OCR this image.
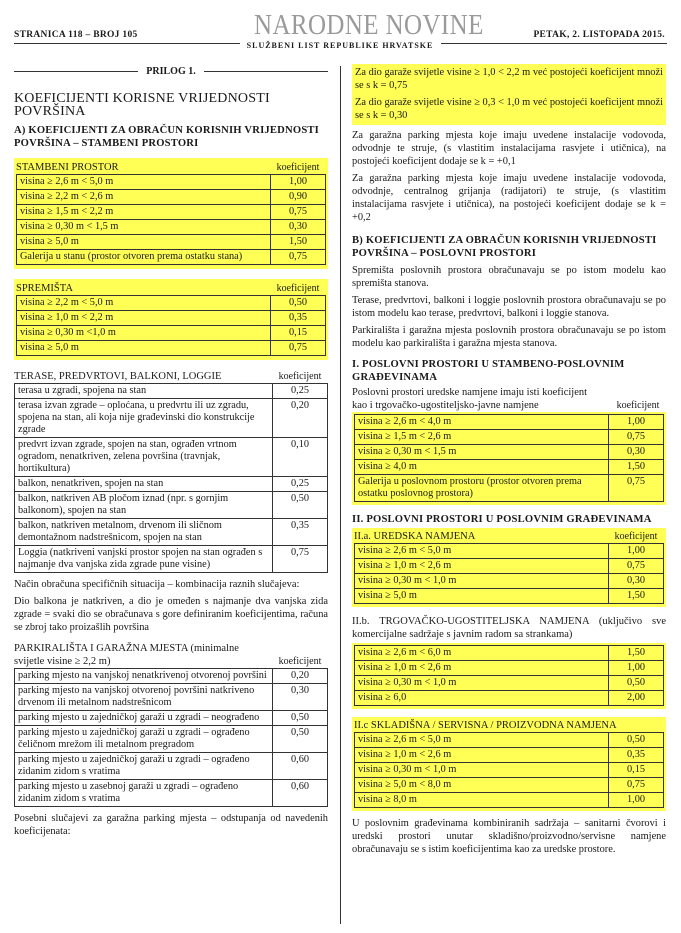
STRANICA 118 – BROJ 105	NARODNE NOVINE
SLUŽBENI LIST REPUBLIKE HRVATSKE
PETAK, 2. LISTOPADA 2015.
PRILOG 1.
KOEFICIJENTI KORISNE VRIJEDNOSTI POVRŠINA
A) KOEFICIJENTI ZA OBRAČUN KORISNIH VRIJEDNOSTI POVRŠINA – STAMBENI PROSTORI
STAMBENI PROSTOR	koeficijent
visina ≥ 2,6 m < 5,0 m	1,00
visina ≥ 2,2 m < 2,6 m	0,90
visina ≥ 1,5 m < 2,2 m	0,75
visina ≥ 0,30 m < 1,5 m	0,30
visina ≥ 5,0 m	1,50
Galerija u stanu (prostor otvoren prema ostatku stana)	0,75
SPREMIŠTA	koeficijent
visina ≥ 2,2 m < 5,0 m	0,50
visina ≥ 1,0 m < 2,2 m	0,35
visina ≥ 0,30 m <1,0 m	0,15
visina ≥ 5,0 m	0,75
TERASE, PREDVRTOVI, BALKONI, LOGGIE	koeficijent
terasa u zgradi, spojena na stan	0,25
terasa izvan zgrade – oploćana, u predvrtu ili uz zgradu, spojena na stan, ali koja nije građevinski dio konstrukcije zgrade	0,20
predvrt izvan zgrade, spojen na stan, ograđen vrtnom ogradom, nenatkriven, zelena površina (travnjak, hortikultura)	0,10
balkon, nenatkriven, spojen na stan	0,25
balkon, natkriven AB pločom iznad (npr. s gornjim balkonom), spojen na stan	0,50
balkon, natkriven metalnom, drvenom ili sličnom demontažnom nadstrešnicom, spojen na stan	0,35
Loggia (natkriveni vanjski prostor spojen na stan ograđen s najmanje dva vanjska zida zgrade pune visine)	0,75

Način obračuna specifičnih situacija – kombinacija raznih slučajeva:

Dio balkona je natkriven, a dio je omeđen s najmanje dva vanjska zida zgrade = svaki dio se obračunava s gore definiranim koeficijentima, računa se zbroj tako proizašlih površina

PARKIRALIŠTA I GARAŽNA MJESTA (minimalne svijetle visine ≥ 2,2 m)	koeficijent
parking mjesto na vanjskoj nenatkrivenoj otvorenoj površini	0,20
parking mjesto na vanjskoj otvorenoj površini natkriveno drvenom ili metalnom nadstrešnicom	0,30
parking mjesto u zajedničkoj garaži u zgradi – neograđeno	0,50
parking mjesto u zajedničkoj garaži u zgradi – ograđeno čeličnom mrežom ili metalnom pregradom	0,50
parking mjesto u zajedničkoj garaži u zgradi – ograđeno zidanim zidom s vratima	0,60
parking mjesto u zasebnoj garaži u zgradi – ograđeno zidanim zidom s vratima	0,60

Posebni slučajevi za garažna parking mjesta – odstupanja od navedenih koeficijenata:

Za dio garaže svijetle visine ≥ 1,0 < 2,2 m već postojeći koeficijent množi se s k = 0,75

Za dio garaže svijetle visine ≥ 0,3 < 1,0 m već postojeći koeficijent množi se s k = 0,30

Za garažna parking mjesta koje imaju uvedene instalacije vodovoda, odvodnje te struje, (s vlastitim instalacijama rasvjete i utičnica), na postojeći koeficijent dodaje se k = +0,1

Za garažna parking mjesta koje imaju uvedene instalacije vodovoda, odvodnje, centralnog grijanja (radijatori) te struje, (s vlastitim instalacijama rasvjete i utičnica), na postojeći koeficijent dodaje se k = +0,2

B) KOEFICIJENTI ZA OBRAČUN KORISNIH VRIJEDNOSTI POVRŠINA – POSLOVNI PROSTORI

Spremišta poslovnih prostora obračunavaju se po istom modelu kao spremišta stanova.

Terase, predvrtovi, balkoni i loggie poslovnih prostora obračunavaju se po istom modelu kao terase, predvrtovi, balkoni i loggie stanova.

Parkirališta i garažna mjesta poslovnih prostora obračunavaju se po istom modelu kao parkirališta i garažna mjesta stanova.

I. POSLOVNI PROSTORI U STAMBENO-POSLOVNIM GRAĐEVINAMA
Poslovni prostori uredske namjene imaju isti koeficijent kao i trgovačko-ugostiteljsko-javne namjene	koeficijent
visina ≥ 2,6 m < 4,0 m	1,00
visina ≥ 1,5 m < 2,6 m	0,75
visina ≥ 0,30 m < 1,5 m	0,30
visina ≥ 4,0 m	1,50
Galerija u poslovnom prostoru (prostor otvoren prema ostatku poslovnog prostora)	0,75
II. POSLOVNI PROSTORI U POSLOVNIM GRAĐEVINAMA
II.a. UREDSKA NAMJENA	koeficijent
visina ≥ 2,6 m < 5,0 m	1,00
visina ≥ 1,0 m < 2,6 m	0,75
visina ≥ 0,30 m < 1,0 m	0,30
visina ≥ 5,0 m	1,50
II.b. TRGOVAČKO-UGOSTITELJSKA NAMJENA (uključivo sve komercijalne sadržaje s javnim radom sa strankama)
visina ≥ 2,6 m < 6,0 m	1,50
visina ≥ 1,0 m < 2,6 m	1,00
visina ≥ 0,30 m < 1,0 m	0,50
visina ≥ 6,0	2,00
II.c SKLADIŠNA / SERVISNA / PROIZVODNA NAMJENA
visina ≥ 2,6 m < 5,0 m	0,50
visina ≥ 1,0 m < 2,6 m	0,35
visina ≥ 0,30 m < 1,0 m	0,15
visina ≥ 5,0 m < 8,0 m	0,75
visina ≥ 8,0 m	1,00

U poslovnim građevinama kombiniranih sadržaja – sanitarni čvorovi i uredski prostori unutar skladišno/proizvodno/servisne namjene obračunavaju se s istim koeficijentima kao za uredske prostore.
